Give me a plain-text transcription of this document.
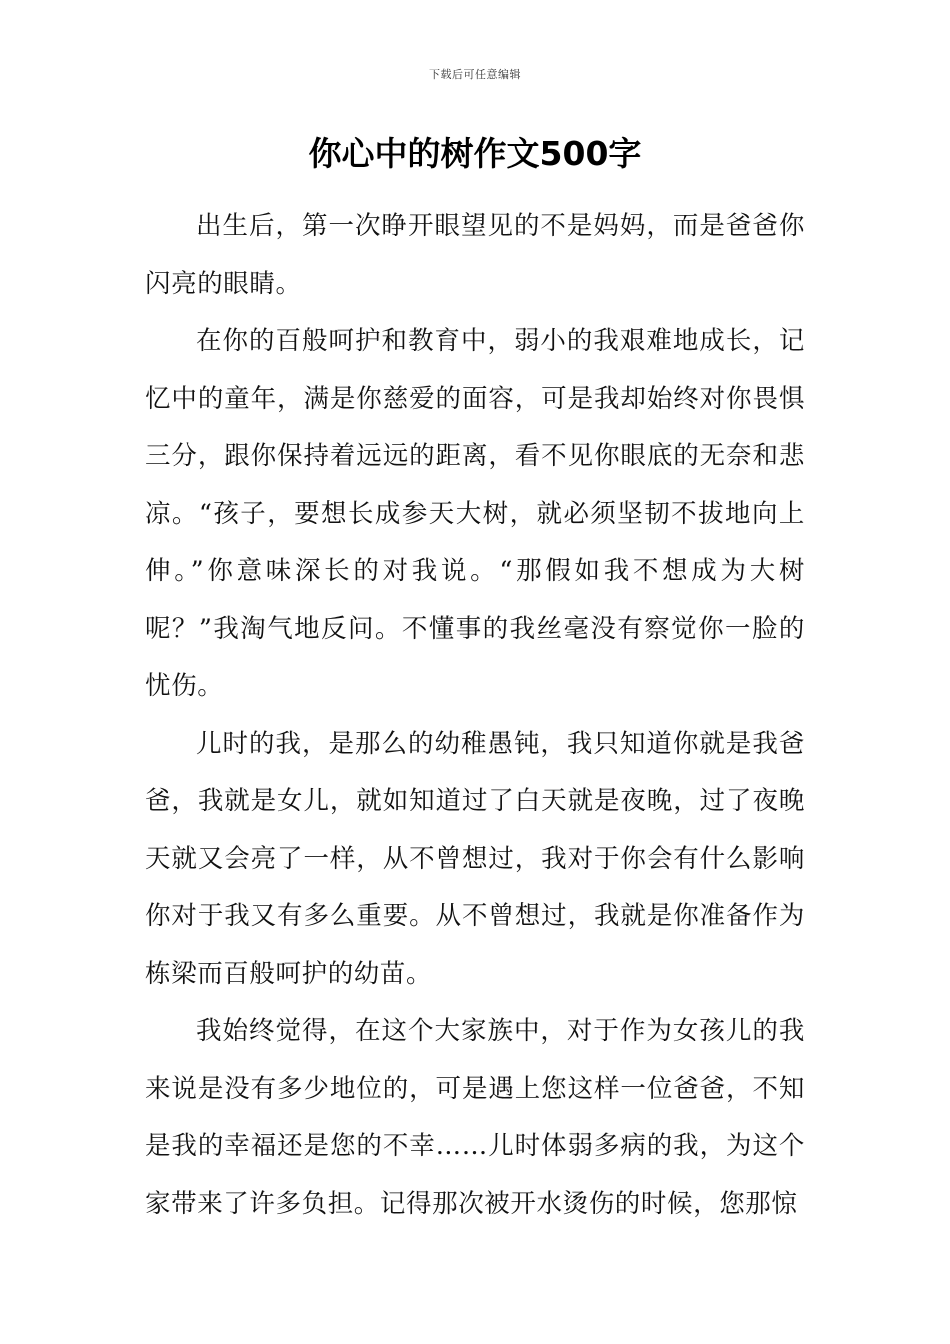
下载后可任意编辑
你心中的树作文500字

出生后，第一次睁开眼望见的不是妈妈，而是爸爸你闪亮的眼睛。

在你的百般呵护和教育中，弱小的我艰难地成长，记忆中的童年，满是你慈爱的面容，可是我却始终对你畏惧三分，跟你保持着远远的距离，看不见你眼底的无奈和悲凉。“孩子，要想长成参天大树，就必须坚韧不拔地向上伸。”你意味深长的对我说。“那假如我不想成为大树呢？”我淘气地反问。不懂事的我丝毫没有察觉你一脸的忧伤。

儿时的我，是那么的幼稚愚钝，我只知道你就是我爸爸，我就是女儿，就如知道过了白天就是夜晚，过了夜晚天就又会亮了一样，从不曾想过，我对于你会有什么影响你对于我又有多么重要。从不曾想过，我就是你准备作为栋梁而百般呵护的幼苗。

我始终觉得，在这个大家族中，对于作为女孩儿的我来说是没有多少地位的，可是遇上您这样一位爸爸，不知是我的幸福还是您的不幸……儿时体弱多病的我，为这个家带来了许多负担。记得那次被开水烫伤的时候，您那惊
